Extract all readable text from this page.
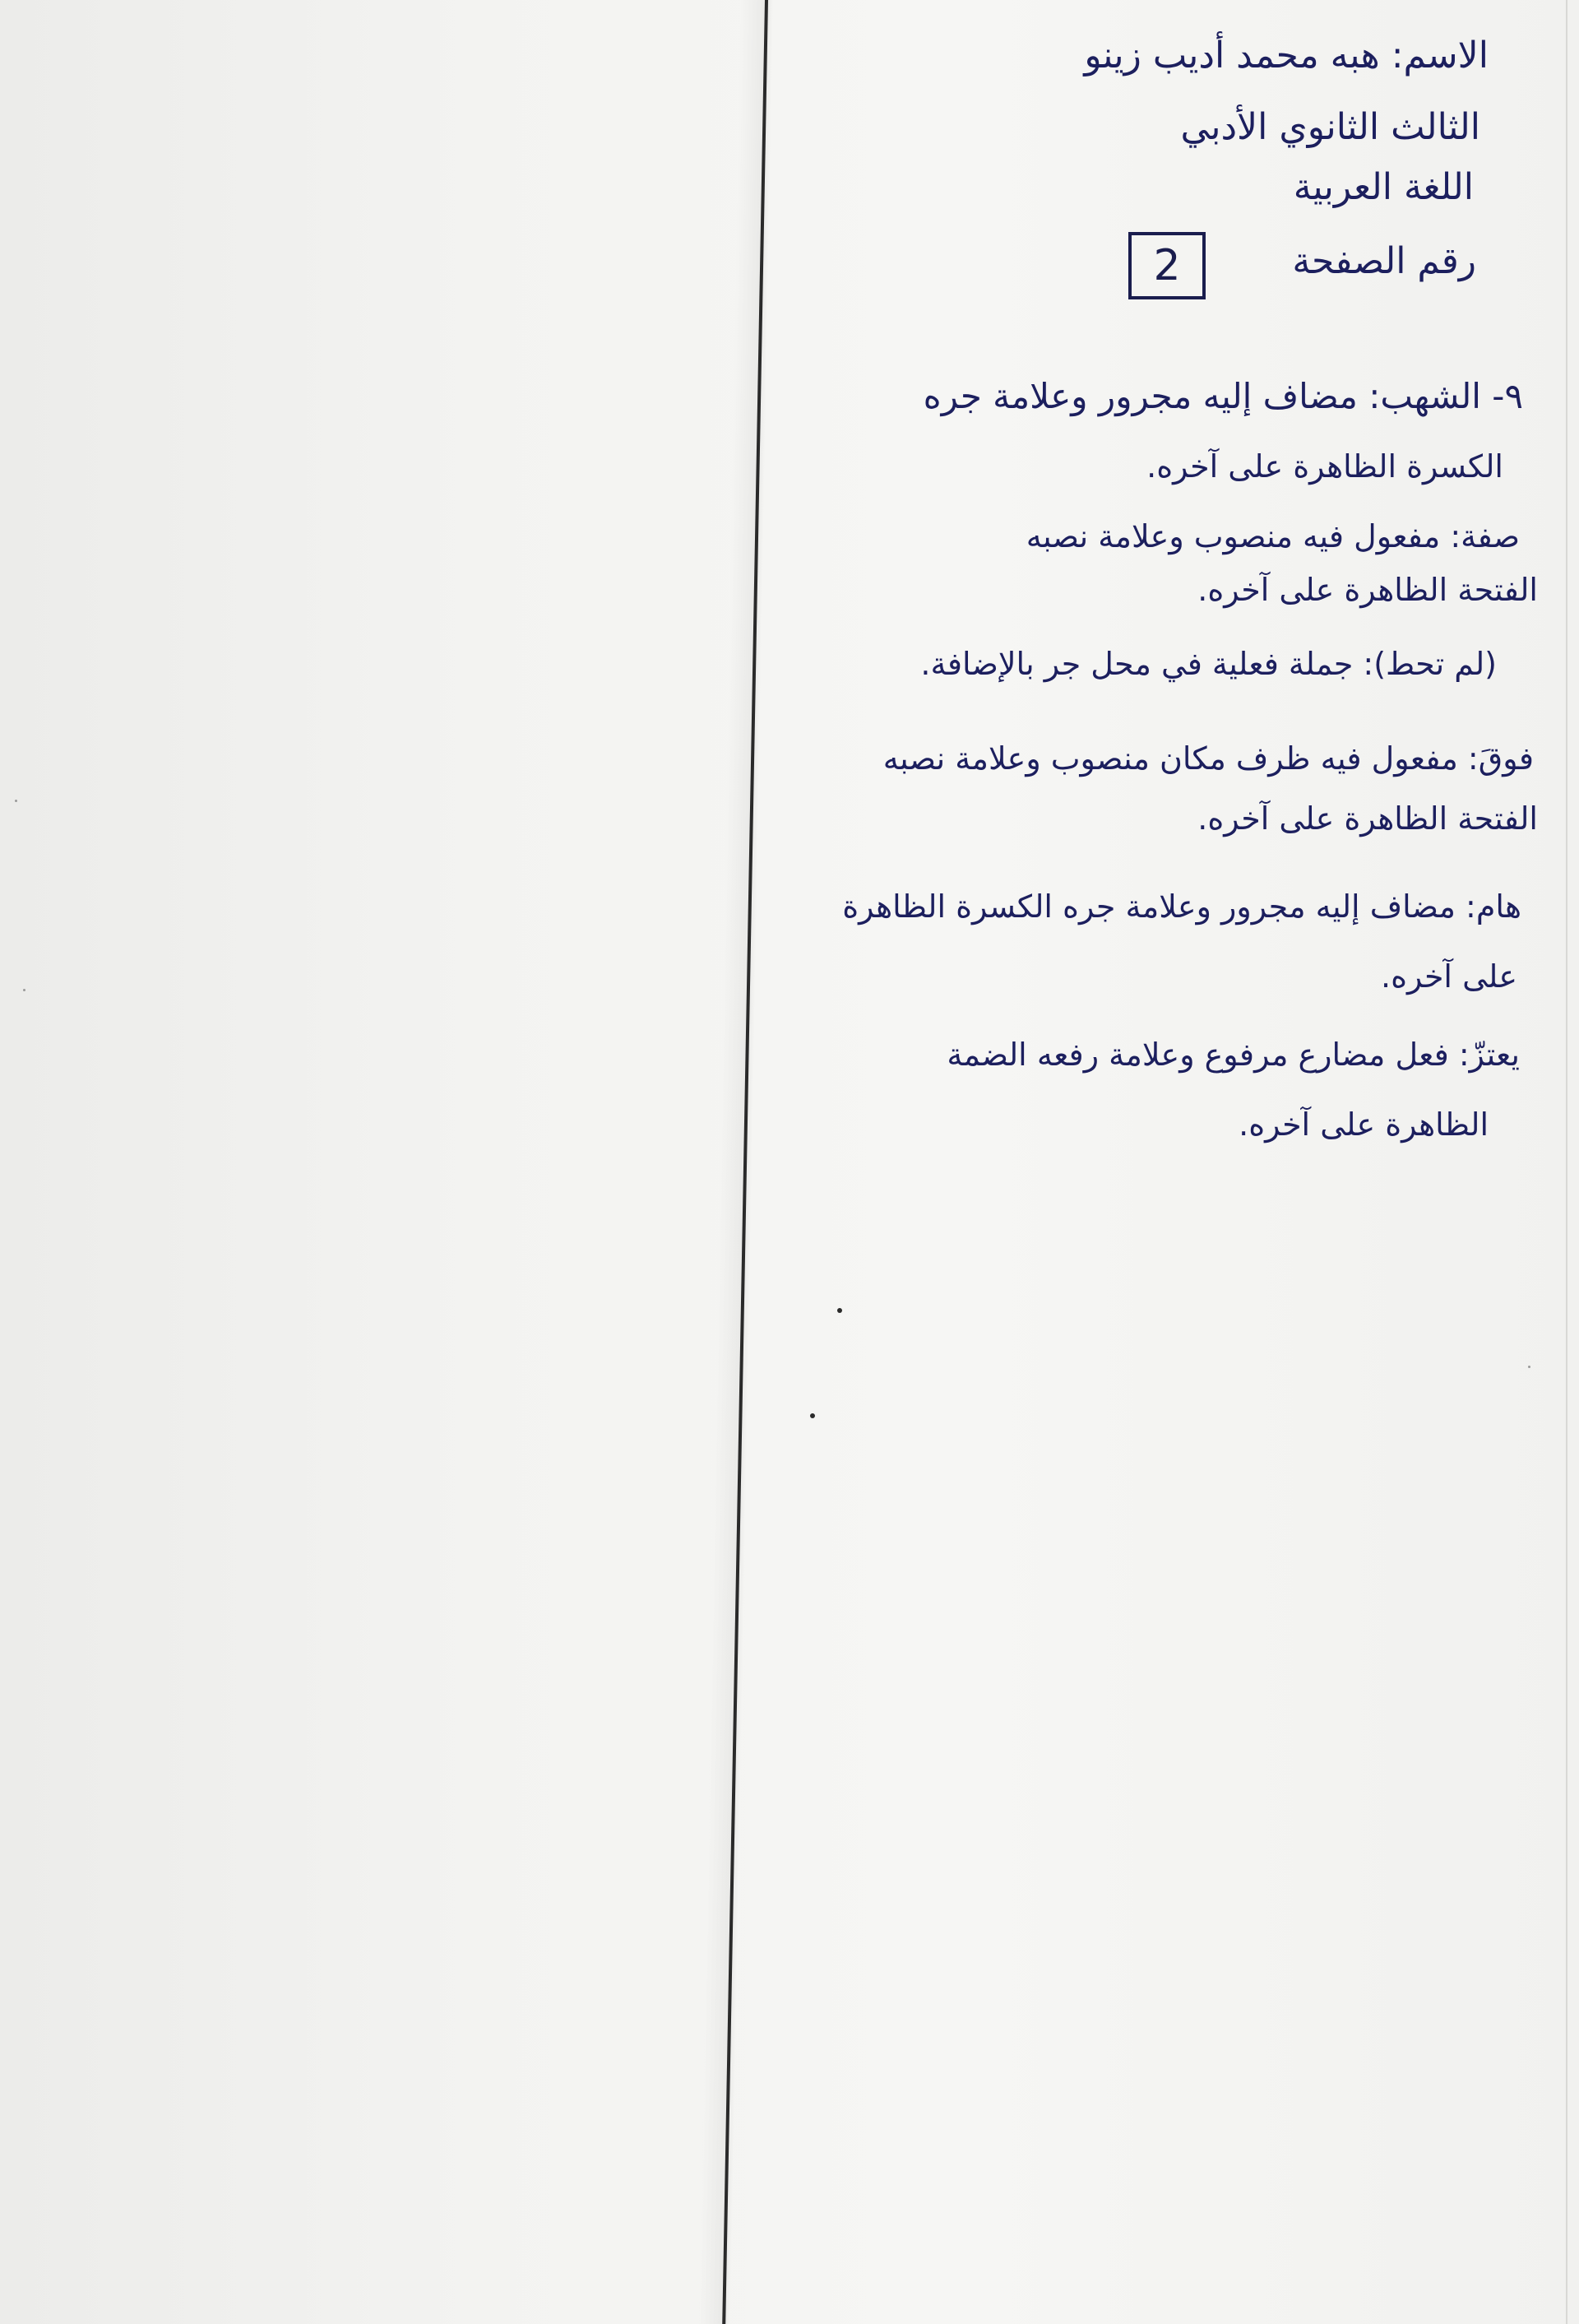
الاسم: هبه محمد أديب زينو
الثالث الثانوي الأدبي
اللغة العربية
رقم الصفحة
2
٩- الشهب: مضاف إليه مجرور وعلامة جره
الكسرة الظاهرة على آخره.
صفة: مفعول فيه منصوب وعلامة نصبه
الفتحة الظاهرة على آخره.
(لم تحط): جملة فعلية في محل جر بالإضافة.
فوقَ: مفعول فيه ظرف مكان منصوب وعلامة نصبه
الفتحة الظاهرة على آخره.
هام: مضاف إليه مجرور وعلامة جره الكسرة الظاهرة
على آخره.
يعتزّ: فعل مضارع مرفوع وعلامة رفعه الضمة
الظاهرة على آخره.
